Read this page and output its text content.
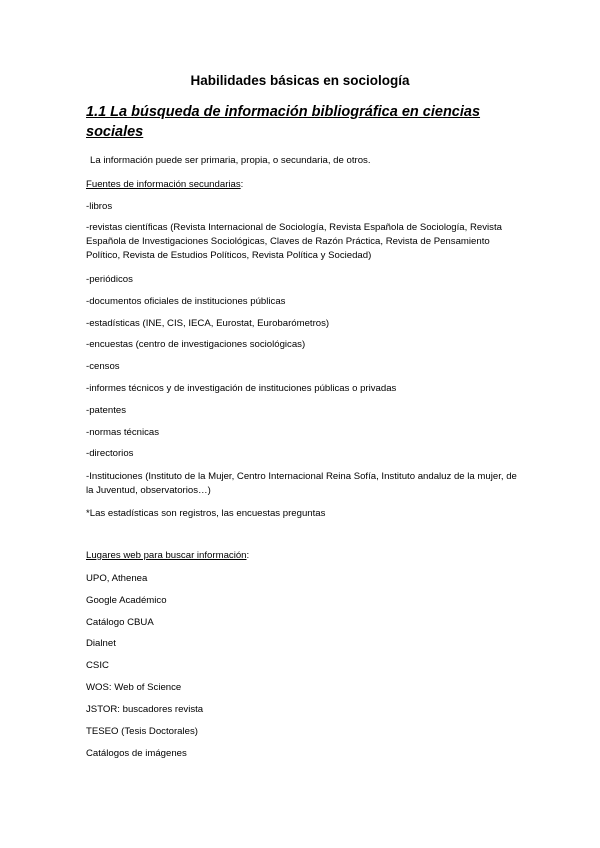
Habilidades básicas en sociología
1.1 La búsqueda de información bibliográfica en ciencias sociales
La información puede ser primaria, propia, o secundaria, de otros.
Fuentes de información secundarias:
-libros
-revistas científicas (Revista Internacional de Sociología, Revista Española de Sociología, Revista Española de Investigaciones Sociológicas, Claves de Razón Práctica, Revista de Pensamiento Político, Revista de Estudios Políticos, Revista Política y Sociedad)
-periódicos
-documentos oficiales de instituciones públicas
-estadísticas (INE, CIS, IECA, Eurostat, Eurobarómetros)
-encuestas (centro de investigaciones sociológicas)
-censos
-informes técnicos y de investigación de instituciones públicas o privadas
-patentes
-normas técnicas
-directorios
-Instituciones (Instituto de la Mujer, Centro Internacional Reina Sofía, Instituto andaluz de la mujer, de la Juventud, observatorios…)
*Las estadísticas son registros, las encuestas preguntas
Lugares web para buscar información:
UPO, Athenea
Google Académico
Catálogo CBUA
Dialnet
CSIC
WOS: Web of Science
JSTOR: buscadores revista
TESEO (Tesis Doctorales)
Catálogos de imágenes
